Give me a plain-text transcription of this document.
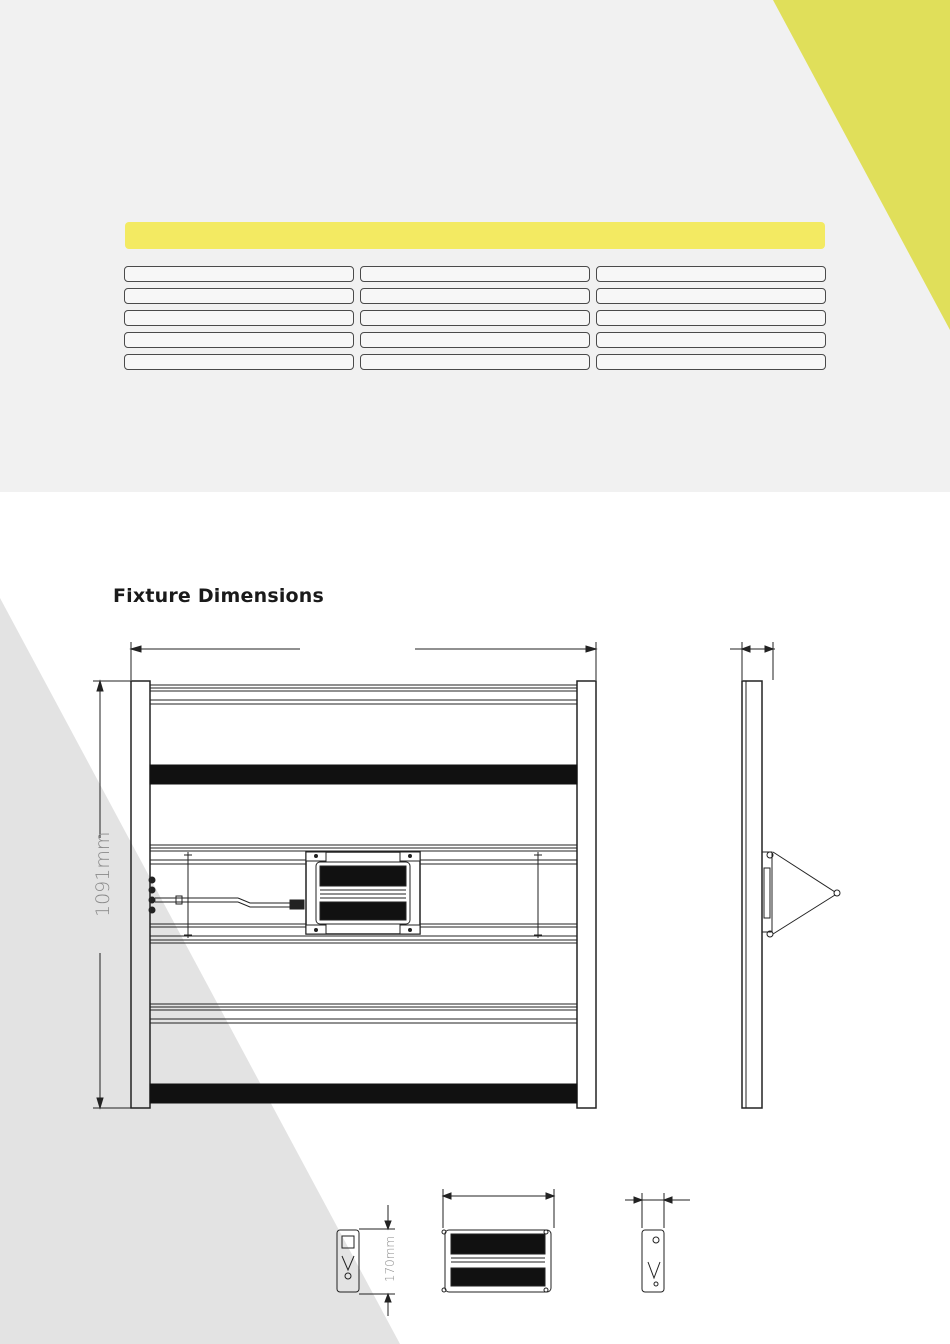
Fixture Dimensions
1091mm
170mm
